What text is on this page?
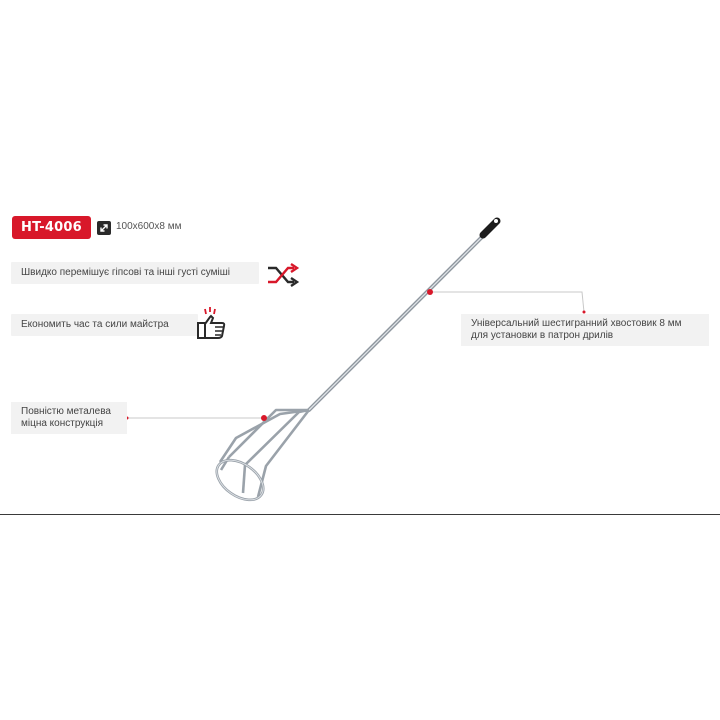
HT-4006	100x600x8 мм
Швидко перемішує гіпсові та інші густі суміші
Економить час та сили майстра
Повністю металева
міцна конструкція
Універсальний шестигранний хвостовик 8 мм
для установки в патрон дрилів
